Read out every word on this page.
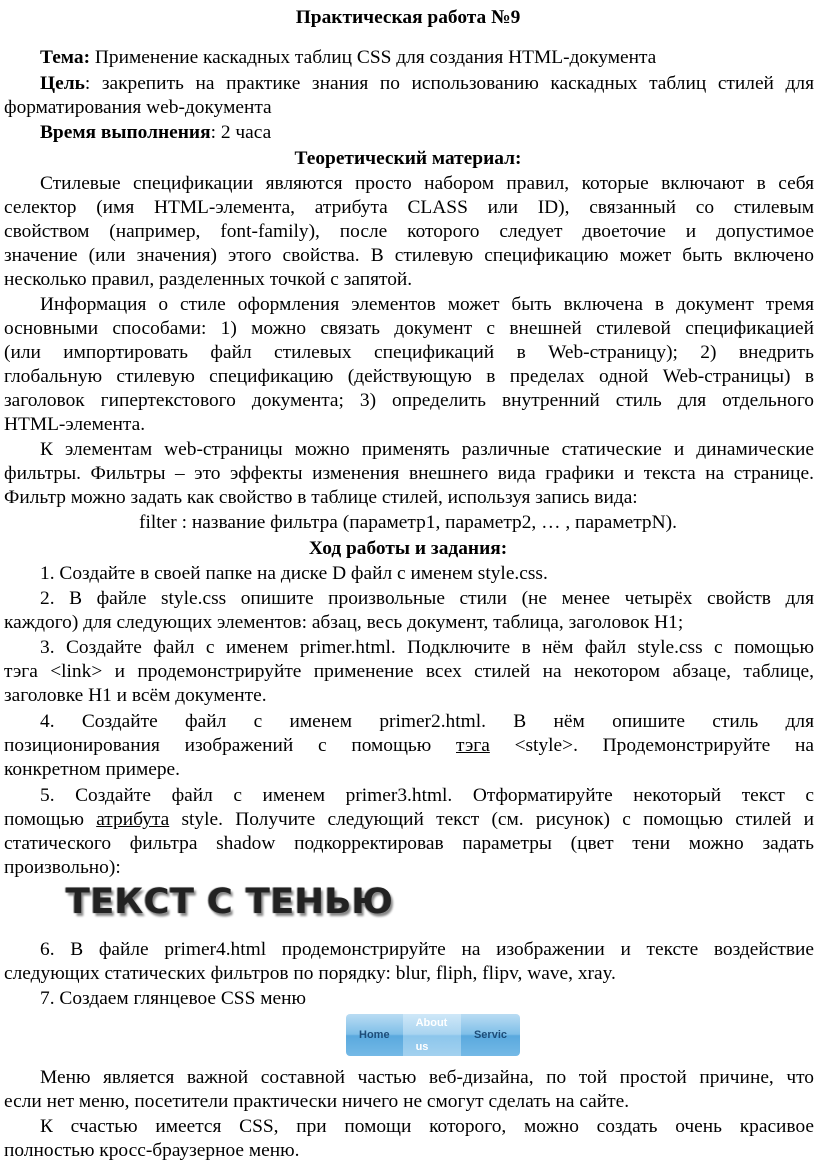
Практическая работа №9

Тема: Применение каскадных таблиц CSS для создания HTML-документа

Цель: закрепить на практике знания по использованию каскадных таблиц стилей для

форматирования web-документа

Время выполнения: 2 часа

Теоретический материал:

Стилевые спецификации являются просто набором правил, которые включают в себя

селектор (имя HTML-элемента, атрибута CLASS или ID), связанный со стилевым

свойством (например, font-family), после которого следует двоеточие и допустимое

значение (или значения) этого свойства. В стилевую спецификацию может быть включено

несколько правил, разделенных точкой с запятой.

Информация о стиле оформления элементов может быть включена в документ тремя

основными способами: 1) можно связать документ с внешней стилевой спецификацией

(или импортировать файл стилевых спецификаций в Web-страницу); 2) внедрить

глобальную стилевую спецификацию (действующую в пределах одной Web-страницы) в

заголовок гипертекстового документа; 3) определить внутренний стиль для отдельного

HTML-элемента.

К элементам web-страницы можно применять различные статические и динамические

фильтры. Фильтры – это эффекты изменения внешнего вида графики и текста на странице.

Фильтр можно задать как свойство в таблице стилей, используя запись вида:

filter : название фильтра (параметр1, параметр2, … , параметрN).

Ход работы и задания:

1. Создайте в своей папке на диске D файл с именем style.css.

2. В файле style.css опишите произвольные стили (не менее четырёх свойств для

каждого) для следующих элементов: абзац, весь документ, таблица, заголовок H1;

3. Создайте файл с именем primer.html. Подключите в нём файл style.css с помощью

тэга <link> и продемонстрируйте применение всех стилей на некотором абзаце, таблице,

заголовке H1 и всём документе.

4. Создайте файл с именем primer2.html. В нём опишите стиль для

позиционирования изображений с помощью тэга <style>. Продемонстрируйте на

конкретном примере.

5. Создайте файл с именем primer3.html. Отформатируйте некоторый текст с

помощью атрибута style. Получите следующий текст (см. рисунок) с помощью стилей и

статического фильтра shadow подкорректировав параметры (цвет тени можно задать

произвольно):

ТЕКСТ С ТЕНЬЮ

6. В файле primer4.html продемонстрируйте на изображении и тексте воздействие

следующих статических фильтров по порядку: blur, fliph, flipv, wave, xray.

7. Создаем глянцевое CSS меню

Home
About us
Servic

Меню является важной составной частью веб-дизайна, по той простой причине, что

если нет меню, посетители практически ничего не смогут сделать на сайте.

К счастью имеется CSS, при помощи которого, можно создать очень красивое

полностью кросс-браузерное меню.
